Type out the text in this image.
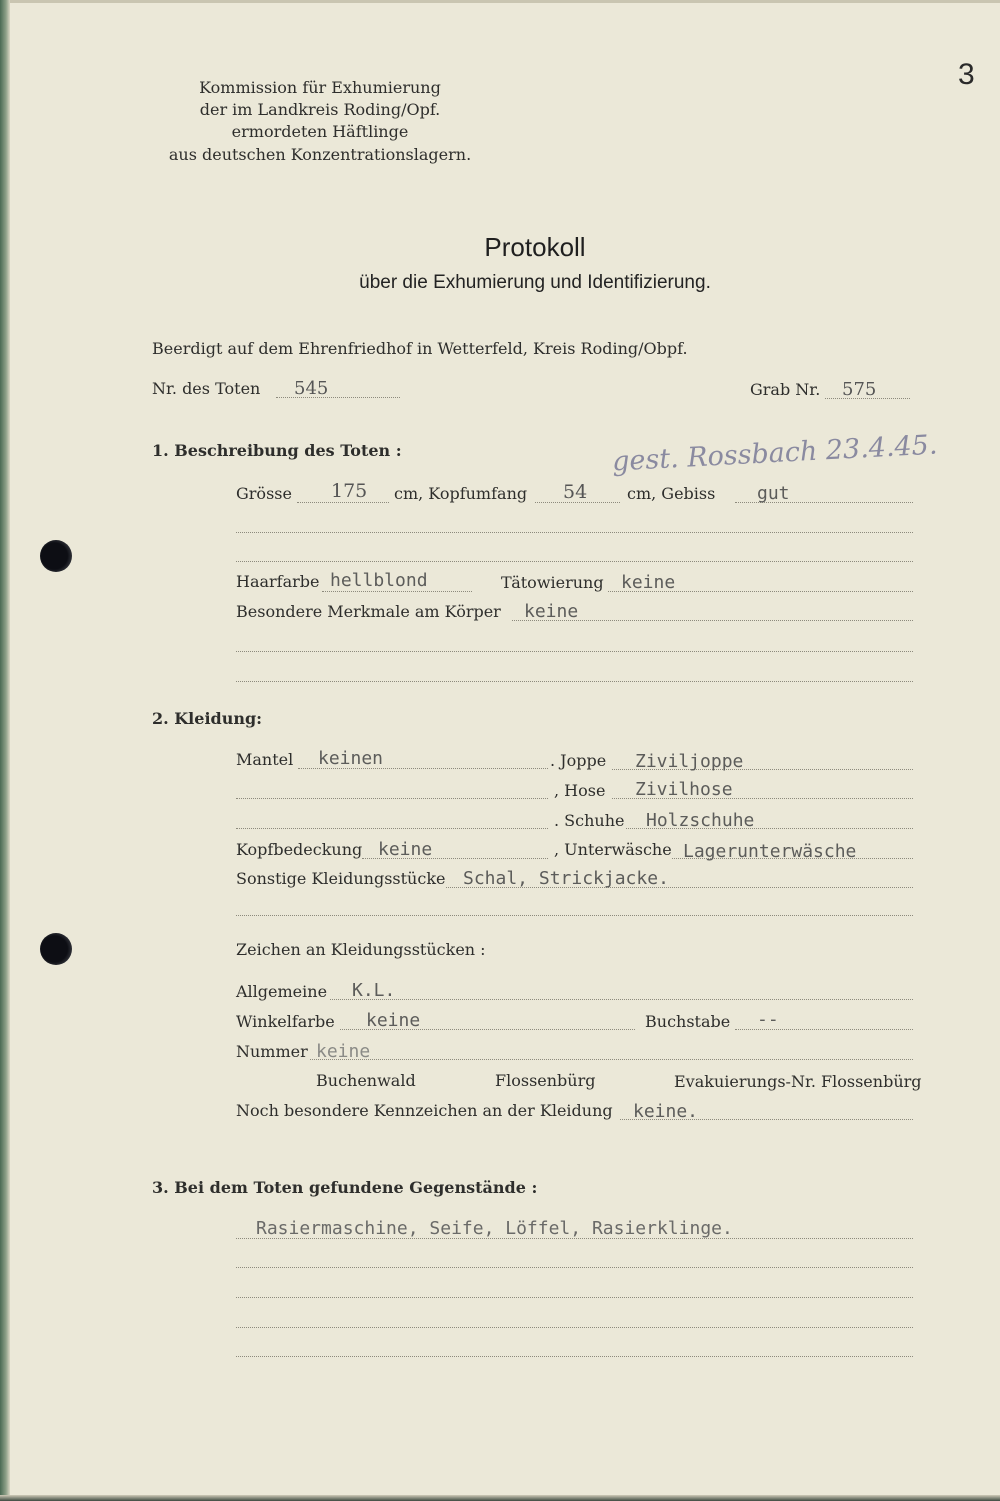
3
Kommission für Exhumierung
der im Landkreis Roding/Opf.
ermordeten Häftlinge
aus deutschen Konzentrationslagern.
Protokoll
über die Exhumierung und Identifizierung.
Beerdigt auf dem Ehrenfriedhof in Wetterfeld, Kreis Roding/Obpf.
Nr. des Toten 545	Grab Nr. 575
1. Beschreibung des Toten :	gest. Rossbach 23.4.45.
Grösse 175 cm, Kopfumfang 54 cm, Gebiss gut
Haarfarbe hellblond	Tätowierung keine
Besondere Merkmale am Körper keine
2. Kleidung:
Mantel keinen	. Joppe Ziviljoppe
, Hose Zivilhose
. Schuhe Holzschuhe
Kopfbedeckung keine	, Unterwäsche Lagerunterwäsche
Sonstige Kleidungsstücke Schal, Strickjacke.
Zeichen an Kleidungsstücken :
Allgemeine K.L.
Winkelfarbe keine	Buchstabe --
Nummer keine
Buchenwald	Flossenbürg	Evakuierungs-Nr. Flossenbürg
Noch besondere Kennzeichen an der Kleidung keine.
3. Bei dem Toten gefundene Gegenstände :
Rasiermaschine, Seife, Löffel, Rasierklinge.
